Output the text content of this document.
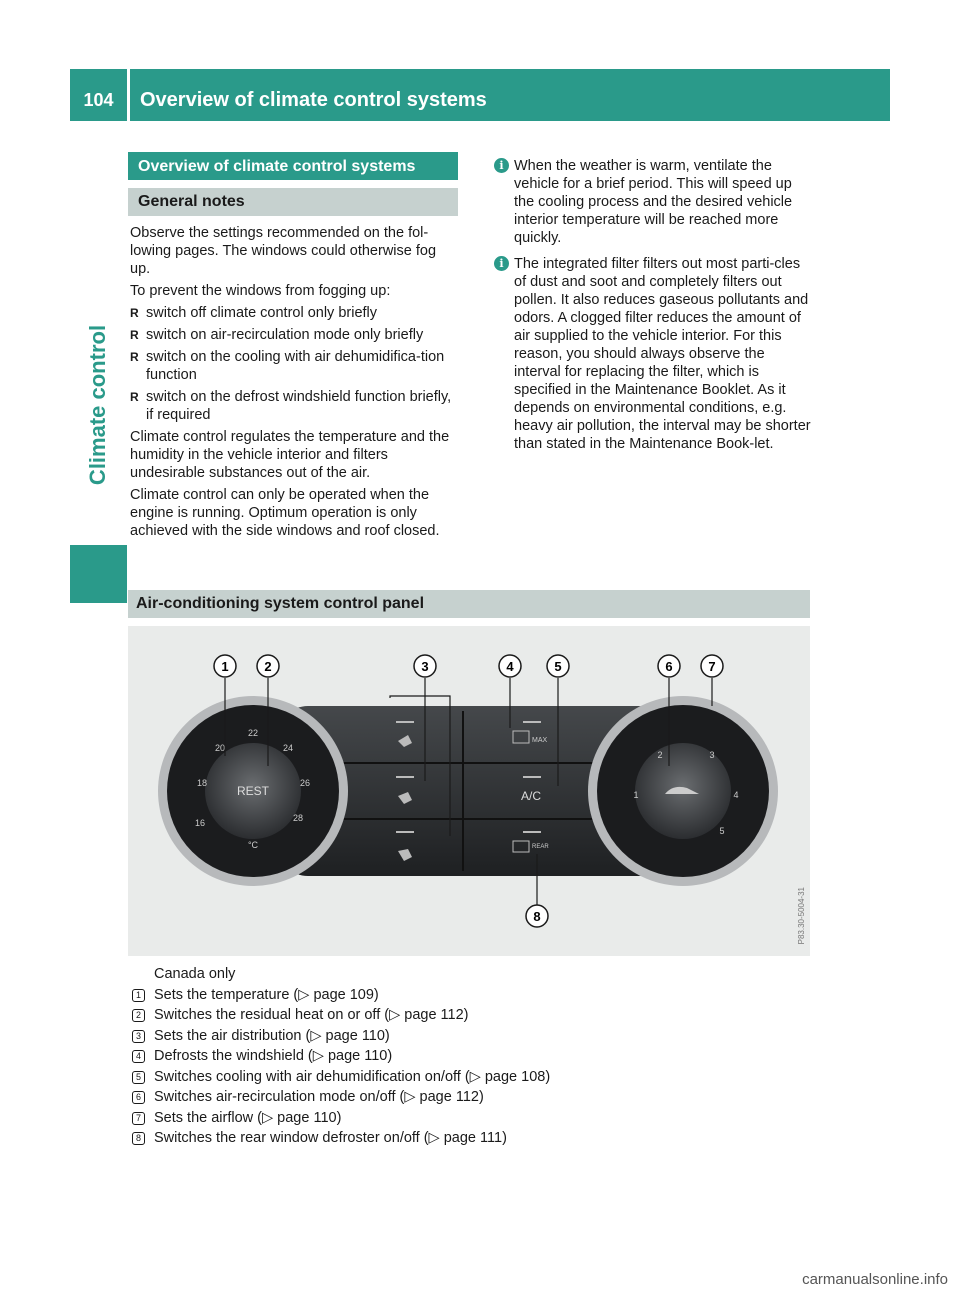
104	Overview of climate control systems
Climate control
Overview of climate control systems
General notes

Observe the settings recommended on the fol-lowing pages. The windows could otherwise fog up.

To prevent the windows from fogging up:

R switch off climate control only briefly
R switch on air-recirculation mode only briefly
R switch on the cooling with air dehumidifica-tion function
R switch on the defrost windshield function briefly, if required

Climate control regulates the temperature and the humidity in the vehicle interior and filters undesirable substances out of the air.

Climate control can only be operated when the engine is running. Optimum operation is only achieved with the side windows and roof closed.

i When the weather is warm, ventilate the vehicle for a brief period. This will speed up the cooling process and the desired vehicle interior temperature will be reached more quickly.
i The integrated filter filters out most parti-cles of dust and soot and completely filters out pollen. It also reduces gaseous pollutants and odors. A clogged filter reduces the amount of air supplied to the vehicle interior. For this reason, you should always observe the interval for replacing the filter, which is specified in the Maintenance Booklet. As it depends on environmental conditions, e.g. heavy air pollution, the interval may be shorter than stated in the Maintenance Book-let.
Air-conditioning system control panel
REST
16
18
20
22
24
26
28
°C
1
2	3
4
5
MAX
A/C
REAR
1	2	3	4	5	6	7
8	P83.30-5004-31
Canada only
1 Sets the temperature (▷ page 109)
2 Switches the residual heat on or off (▷ page 112)
3 Sets the air distribution (▷ page 110)
4 Defrosts the windshield (▷ page 110)
5 Switches cooling with air dehumidification on/off (▷ page 108)
6 Switches air-recirculation mode on/off (▷ page 112)
7 Sets the airflow (▷ page 110)
8 Switches the rear window defroster on/off (▷ page 111)
carmanualsonline.info
